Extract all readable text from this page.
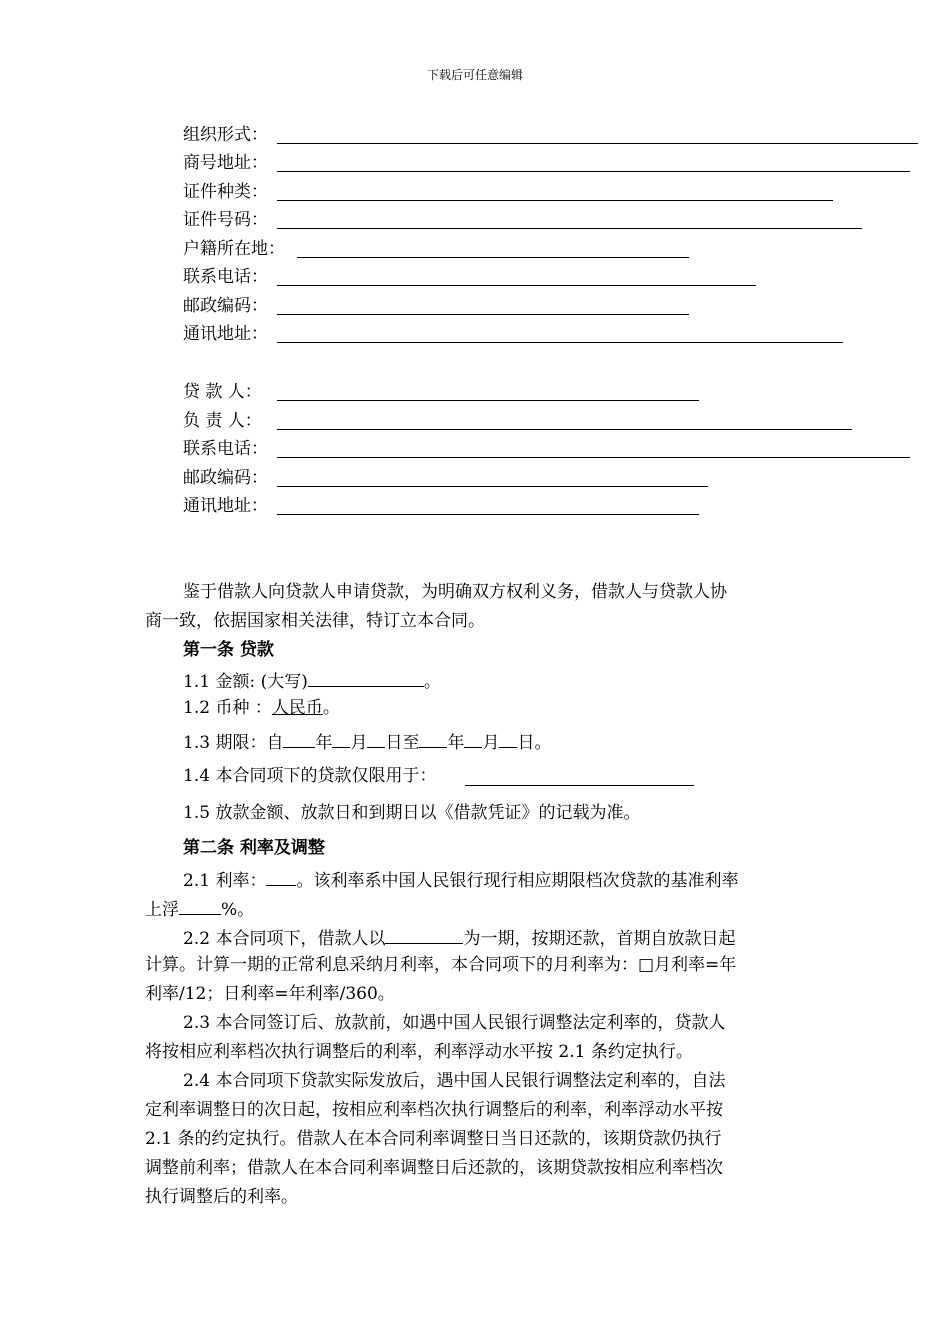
下载后可任意编辑
组织形式：
商号地址：
证件种类：
证件号码：
户籍所在地：
联系电话：
邮政编码：
通讯地址：
贷 款 人：
负 责 人：
联系电话：
邮政编码：
通讯地址：
鉴于借款人向贷款人申请贷款，为明确双方权利义务，借款人与贷款人协
商一致，依据国家相关法律，特订立本合同。
第一条 贷款
1.1 金额: (大写)	。
1.2 币种 ：人民币。
1.3 期限：自 年 月 日至 年 月 日。
1.4 本合同项下的贷款仅限用于：
1.5 放款金额、放款日和到期日以《借款凭证》的记载为准。
第二条 利率及调整
2.1 利率： 。该利率系中国人民银行现行相应期限档次贷款的基准利率
上浮 %。
2.2 本合同项下，借款人以	为一期，按期还款，首期自放款日起
计算。计算一期的正常利息采纳月利率，本合同项下的月利率为：□月利率=年
利率/12；日利率=年利率/360。
2.3 本合同签订后、放款前，如遇中国人民银行调整法定利率的，贷款人
将按相应利率档次执行调整后的利率，利率浮动水平按 2.1 条约定执行。
2.4 本合同项下贷款实际发放后，遇中国人民银行调整法定利率的，自法
定利率调整日的次日起，按相应利率档次执行调整后的利率，利率浮动水平按
2.1 条的约定执行。借款人在本合同利率调整日当日还款的，该期贷款仍执行
调整前利率；借款人在本合同利率调整日后还款的，该期贷款按相应利率档次
执行调整后的利率。
